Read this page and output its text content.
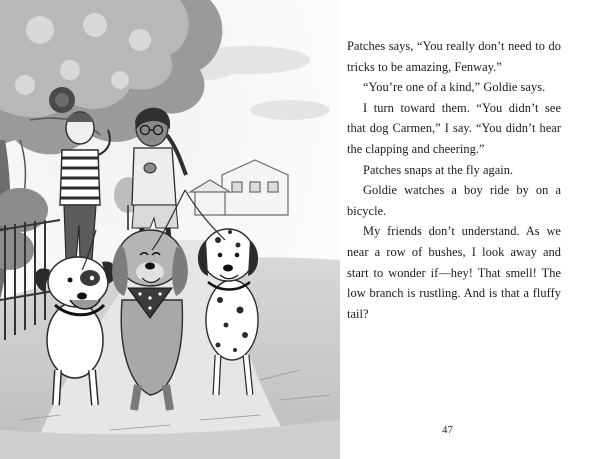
Patches says, “You really don’t need to do tricks to be amazing, Fenway.”

“You’re one of a kind,” Goldie says.

I turn toward them. “You didn’t see that dog Carmen,” I say. “You didn’t hear the clapping and cheering.”

Patches snaps at the fly again.

Goldie watches a boy ride by on a bicycle.

My friends don’t understand. As we near a row of bushes, I look away and start to wonder if—hey! That smell! The low branch is rustling. And is that a fluffy tail?

47
